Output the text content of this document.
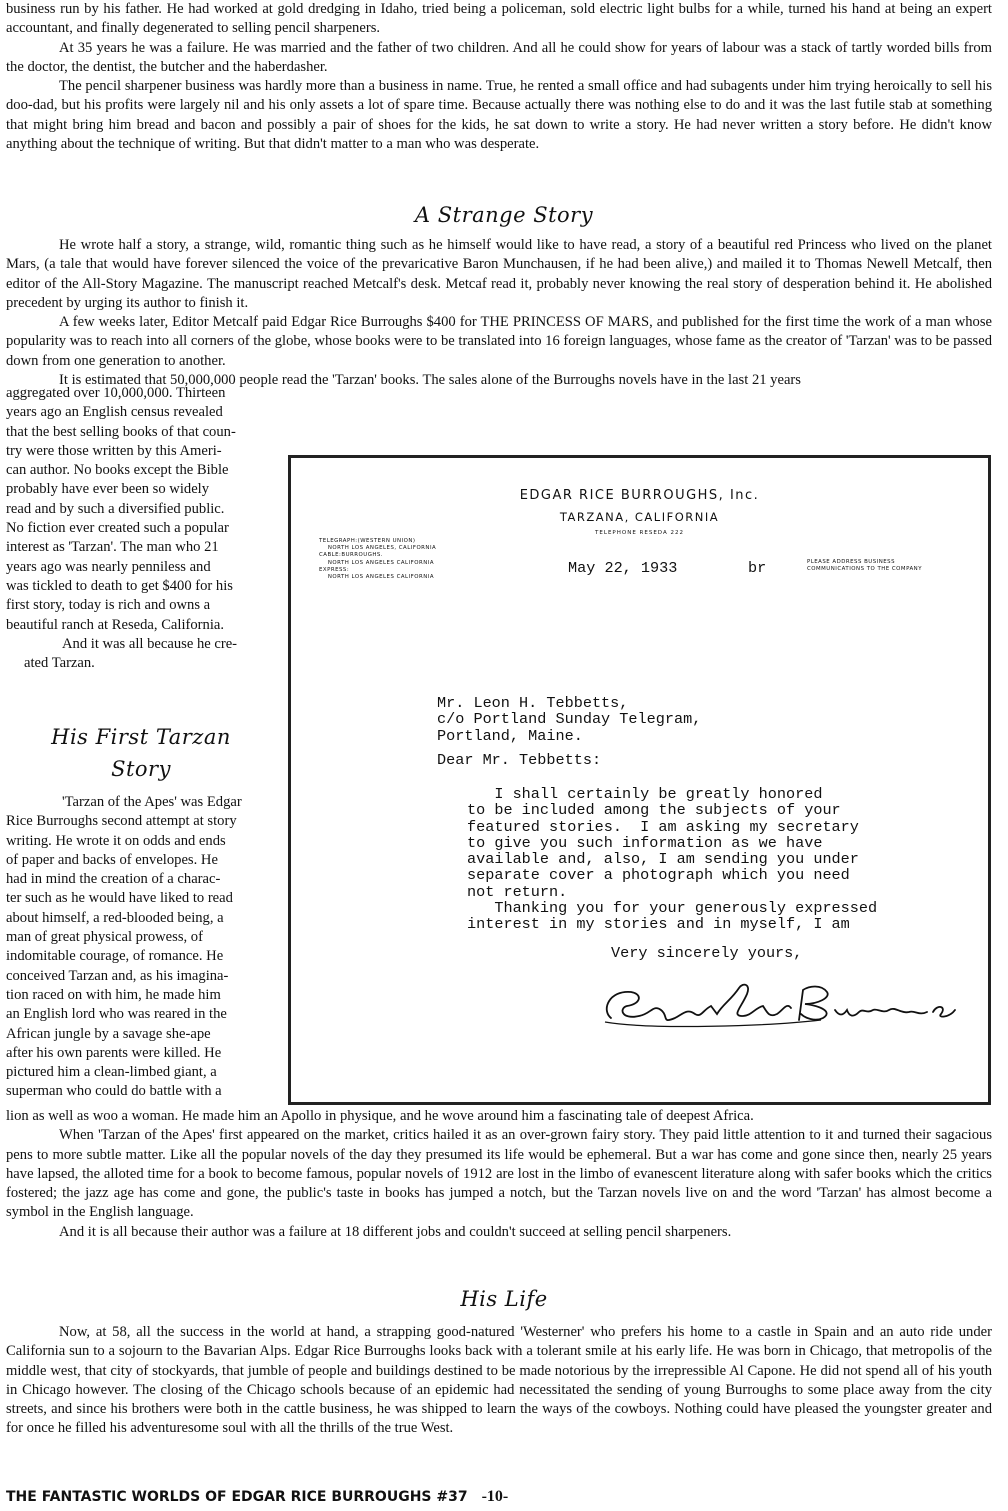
business run by his father. He had worked at gold dredging in Idaho, tried being a policeman, sold electric light bulbs for a while, turned his hand at being an expert accountant, and finally degenerated to selling pencil sharpeners.

At 35 years he was a failure. He was married and the father of two children. And all he could show for years of labour was a stack of tartly worded bills from the doctor, the dentist, the butcher and the haberdasher.

The pencil sharpener business was hardly more than a business in name. True, he rented a small office and had subagents under him trying heroically to sell his doo-dad, but his profits were largely nil and his only assets a lot of spare time. Because actually there was nothing else to do and it was the last futile stab at something that might bring him bread and bacon and possibly a pair of shoes for the kids, he sat down to write a story. He had never written a story before. He didn't know anything about the technique of writing. But that didn't matter to a man who was desperate.

A Strange Story

He wrote half a story, a strange, wild, romantic thing such as he himself would like to have read, a story of a beautiful red Princess who lived on the planet Mars, (a tale that would have forever silenced the voice of the prevaricative Baron Munchausen, if he had been alive,) and mailed it to Thomas Newell Metcalf, then editor of the All-Story Magazine. The manuscript reached Metcalf's desk. Metcaf read it, probably never knowing the real story of desperation behind it. He abolished precedent by urging its author to finish it.

A few weeks later, Editor Metcalf paid Edgar Rice Burroughs $400 for THE PRINCESS OF MARS, and published for the first time the work of a man whose popularity was to reach into all corners of the globe, whose books were to be translated into 16 foreign languages, whose fame as the creator of 'Tarzan' was to be passed down from one generation to another.

It is estimated that 50,000,000 people read the 'Tarzan' books. The sales alone of the Burroughs novels have in the last 21 years

aggregated over 10,000,000. Thirteen
years ago an English census revealed
that the best selling books of that coun-
try were those written by this Ameri-
can author. No books except the Bible
probably have ever been so widely
read and by such a diversified public.
No fiction ever created such a popular
interest as 'Tarzan'. The man who 21
years ago was nearly penniless and
was tickled to death to get $400 for his
first story, today is rich and owns a
beautiful ranch at Reseda, California.
And it was all because he cre-
ated Tarzan.
His First Tarzan
Story
'Tarzan of the Apes' was Edgar
Rice Burroughs second attempt at story
writing. He wrote it on odds and ends
of paper and backs of envelopes. He
had in mind the creation of a charac-
ter such as he would have liked to read
about himself, a red-blooded being, a
man of great physical prowess, of
indomitable courage, of romance. He
conceived Tarzan and, as his imagina-
tion raced on with him, he made him
an English lord who was reared in the
African jungle by a savage she-ape
after his own parents were killed. He
pictured him a clean-limbed giant, a
superman who could do battle with a
EDGAR RICE BURROUGHS, Inc.
TARZANA, CALIFORNIA
TELEPHONE RESEDA 222
TELEGRAPH:(WESTERN UNION)
NORTH LOS ANGELES, CALIFORNIA
CABLE:BURROUGHS.
NORTH LOS ANGELES CALIFORNIA
EXPRESS:
NORTH LOS ANGELES CALIFORNIA
PLEASE ADDRESS BUSINESS
COMMUNICATIONS TO THE COMPANY
May 22, 1933	br
Mr. Leon H. Tebbetts,
c/o Portland Sunday Telegram,
Portland, Maine.
Dear Mr. Tebbetts:
I shall certainly be greatly honored
to be included among the subjects of your
featured stories.  I am asking my secretary
to give you such information as we have
available and, also, I am sending you under
separate cover a photograph which you need
not return.
Thanking you for your generously expressed
interest in my stories and in myself, I am
Very sincerely yours,

lion as well as woo a woman. He made him an Apollo in physique, and he wove around him a fascinating tale of deepest Africa.

When 'Tarzan of the Apes' first appeared on the market, critics hailed it as an over-grown fairy story. They paid little attention to it and turned their sagacious pens to more subtle matter. Like all the popular novels of the day they presumed its life would be ephemeral. But a war has come and gone since then, nearly 25 years have lapsed, the alloted time for a book to become famous, popular novels of 1912 are lost in the limbo of evanescent literature along with safer books which the critics fostered; the jazz age has come and gone, the public's taste in books has jumped a notch, but the Tarzan novels live on and the word 'Tarzan' has almost become a symbol in the English language.

And it is all because their author was a failure at 18 different jobs and couldn't succeed at selling pencil sharpeners.

His Life

Now, at 58, all the success in the world at hand, a strapping good-natured 'Westerner' who prefers his home to a castle in Spain and an auto ride under California sun to a sojourn to the Bavarian Alps. Edgar Rice Burroughs looks back with a tolerant smile at his early life. He was born in Chicago, that metropolis of the middle west, that city of stockyards, that jumble of people and buildings destined to be made notorious by the irrepressible Al Capone. He did not spend all of his youth in Chicago however. The closing of the Chicago schools because of an epidemic had necessitated the sending of young Burroughs to some place away from the city streets, and since his brothers were both in the cattle business, he was shipped to learn the ways of the cowboys. Nothing could have pleased the youngster greater and for once he filled his adventuresome soul with all the thrills of the true West.

THE FANTASTIC WORLDS OF EDGAR RICE BURROUGHS #37 -10-
